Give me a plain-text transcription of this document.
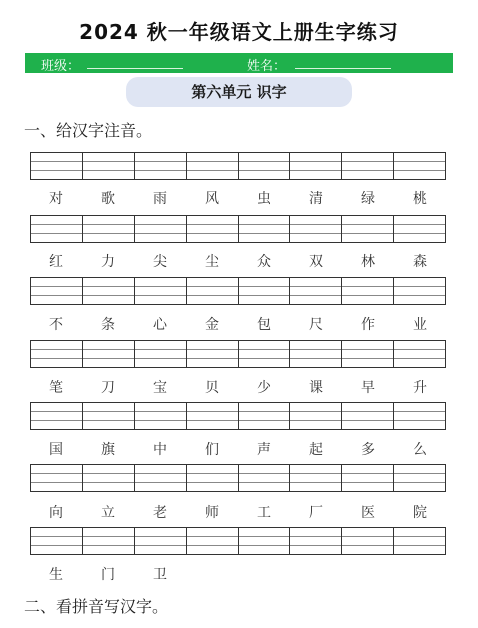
2024 秋一年级语文上册生字练习
班级：	姓名：
第六单元 识字
一、给汉字注音。
对	歌	雨	风	虫	清	绿	桃
红	力	尖	尘	众	双	林	森
不	条	心	金	包	尺	作	业
笔	刀	宝	贝	少	课	早	升
国	旗	中	们	声	起	多	么
向	立	老	师	工	厂	医	院
生	门	卫
二、看拼音写汉字。
